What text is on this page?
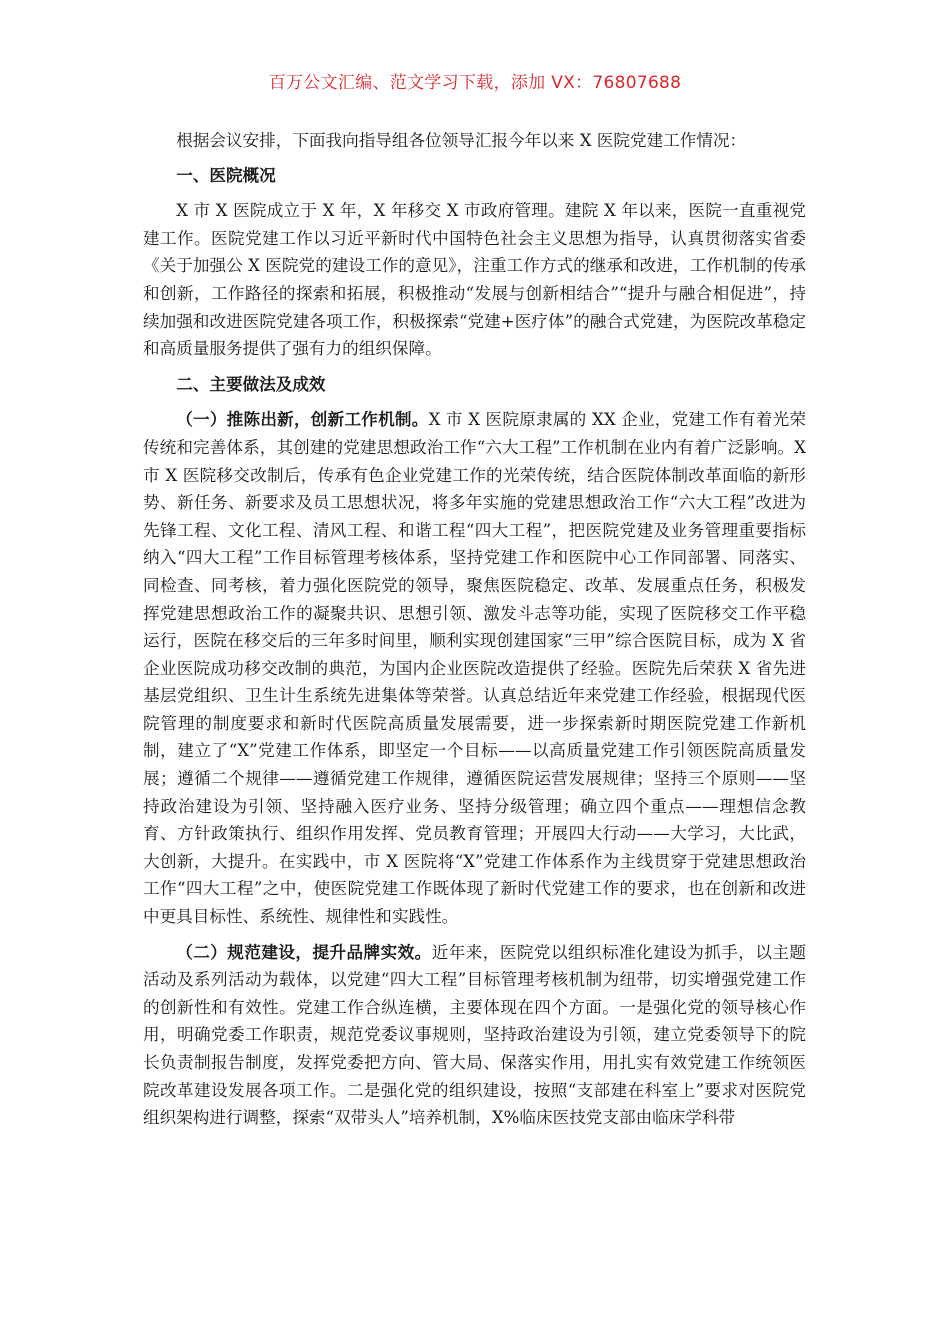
百万公文汇编、范文学习下载，添加 VX：76807688

根据会议安排，下面我向指导组各位领导汇报今年以来 X 医院党建工作情况：

一、医院概况

X 市 X 医院成立于 X 年，X 年移交 X 市政府管理。建院 X 年以来，医院一直重视党建工作。医院党建工作以习近平新时代中国特色社会主义思想为指导，认真贯彻落实省委《关于加强公 X 医院党的建设工作的意见》，注重工作方式的继承和改进，工作机制的传承和创新，工作路径的探索和拓展，积极推动“发展与创新相结合”“提升与融合相促进”，持续加强和改进医院党建各项工作，积极探索“党建+医疗体”的融合式党建，为医院改革稳定和高质量服务提供了强有力的组织保障。

二、主要做法及成效

（一）推陈出新，创新工作机制。X 市 X 医院原隶属的 XX 企业，党建工作有着光荣传统和完善体系，其创建的党建思想政治工作“六大工程”工作机制在业内有着广泛影响。X 市 X 医院移交改制后，传承有色企业党建工作的光荣传统，结合医院体制改革面临的新形势、新任务、新要求及员工思想状况，将多年实施的党建思想政治工作“六大工程”改进为先锋工程、文化工程、清风工程、和谐工程“四大工程”，把医院党建及业务管理重要指标纳入“四大工程”工作目标管理考核体系，坚持党建工作和医院中心工作同部署、同落实、同检查、同考核，着力强化医院党的领导，聚焦医院稳定、改革、发展重点任务，积极发挥党建思想政治工作的凝聚共识、思想引领、激发斗志等功能，实现了医院移交工作平稳运行，医院在移交后的三年多时间里，顺利实现创建国家“三甲”综合医院目标，成为 X 省企业医院成功移交改制的典范，为国内企业医院改造提供了经验。医院先后荣获 X 省先进基层党组织、卫生计生系统先进集体等荣誉。认真总结近年来党建工作经验，根据现代医院管理的制度要求和新时代医院高质量发展需要，进一步探索新时期医院党建工作新机制，建立了“X”党建工作体系，即坚定一个目标——以高质量党建工作引领医院高质量发展；遵循二个规律——遵循党建工作规律，遵循医院运营发展规律；坚持三个原则——坚持政治建设为引领、坚持融入医疗业务、坚持分级管理；确立四个重点——理想信念教育、方针政策执行、组织作用发挥、党员教育管理；开展四大行动——大学习，大比武，大创新，大提升。在实践中，市 X 医院将“X”党建工作体系作为主线贯穿于党建思想政治工作“四大工程”之中，使医院党建工作既体现了新时代党建工作的要求，也在创新和改进中更具目标性、系统性、规律性和实践性。

（二）规范建设，提升品牌实效。近年来，医院党以组织标准化建设为抓手，以主题活动及系列活动为载体，以党建“四大工程”目标管理考核机制为纽带，切实增强党建工作的创新性和有效性。党建工作合纵连横，主要体现在四个方面。一是强化党的领导核心作用，明确党委工作职责，规范党委议事规则，坚持政治建设为引领，建立党委领导下的院长负责制报告制度，发挥党委把方向、管大局、保落实作用，用扎实有效党建工作统领医院改革建设发展各项工作。二是强化党的组织建设，按照“支部建在科室上”要求对医院党组织架构进行调整，探索“双带头人”培养机制，X%临床医技党支部由临床学科带
